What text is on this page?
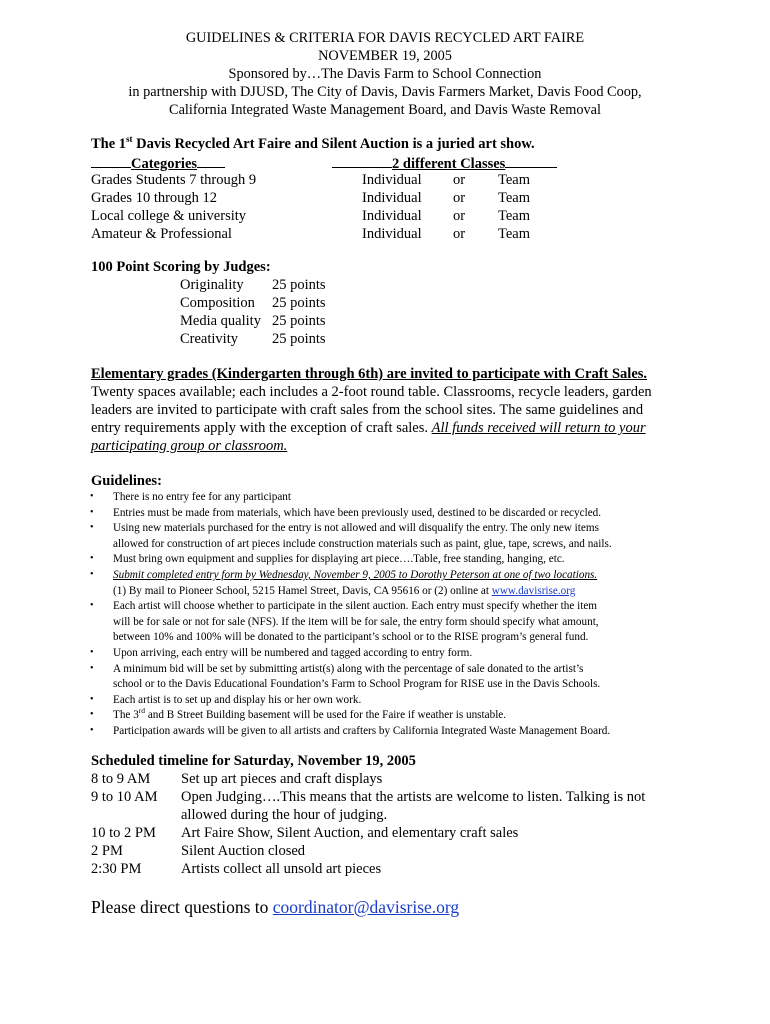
GUIDELINES & CRITERIA FOR DAVIS RECYCLED ART FAIRE
NOVEMBER 19, 2005
Sponsored by…The Davis Farm to School Connection
in partnership with DJUSD, The City of Davis, Davis Farmers Market, Davis Food Coop,
California Integrated Waste Management Board, and Davis Waste Removal
The 1st Davis Recycled Art Faire and Silent Auction is a juried art show.
Categories	2 different Classes
Grades Students 7 through 9	Individual or Team
Grades 10 through 12	Individual or Team
Local college & university	Individual or Team
Amateur & Professional	Individual or Team
100 Point Scoring by Judges:
Originality 25 points
Composition 25 points
Media quality 25 points
Creativity 25 points
Elementary grades (Kindergarten through 6th) are invited to participate with Craft Sales.
Twenty spaces available; each includes a 2-foot round table. Classrooms, recycle leaders, garden
leaders are invited to participate with craft sales from the school sites. The same guidelines and
entry requirements apply with the exception of craft sales. All funds received will return to your
participating group or classroom.
Guidelines:
• There is no entry fee for any participant
• Entries must be made from materials, which have been previously used, destined to be discarded or recycled.
• Using new materials purchased for the entry is not allowed and will disqualify the entry. The only new items
allowed for construction of art pieces include construction materials such as paint, glue, tape, screws, and nails.
• Must bring own equipment and supplies for displaying art piece….Table, free standing, hanging, etc.
• Submit completed entry form by Wednesday, November 9, 2005 to Dorothy Peterson at one of two locations.
(1) By mail to Pioneer School, 5215 Hamel Street, Davis, CA 95616 or (2) online at www.davisrise.org
• Each artist will choose whether to participate in the silent auction. Each entry must specify whether the item
will be for sale or not for sale (NFS). If the item will be for sale, the entry form should specify what amount,
between 10% and 100% will be donated to the participant’s school or to the RISE program’s general fund.
• Upon arriving, each entry will be numbered and tagged according to entry form.
• A minimum bid will be set by submitting artist(s) along with the percentage of sale donated to the artist’s
school or to the Davis Educational Foundation’s Farm to School Program for RISE use in the Davis Schools.
• Each artist is to set up and display his or her own work.
• The 3rd and B Street Building basement will be used for the Faire if weather is unstable.
• Participation awards will be given to all artists and crafters by California Integrated Waste Management Board.
Scheduled timeline for Saturday, November 19, 2005
8 to 9 AM Set up art pieces and craft displays
9 to 10 AM Open Judging….This means that the artists are welcome to listen. Talking is not
allowed during the hour of judging.
10 to 2 PM Art Faire Show, Silent Auction, and elementary craft sales
2 PM	Silent Auction closed
2:30 PM	Artists collect all unsold art pieces
Please direct questions to coordinator@davisrise.org
